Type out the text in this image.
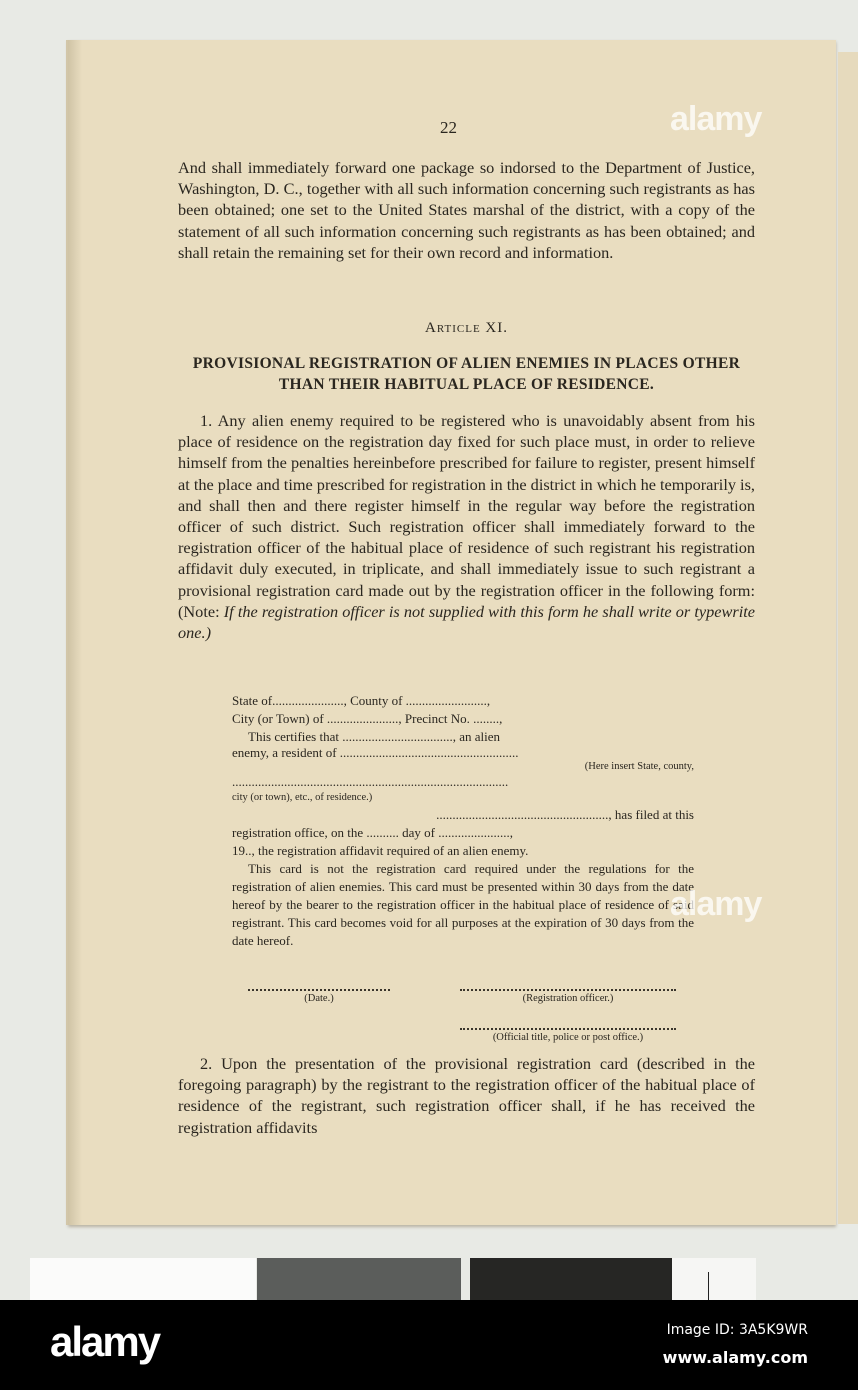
22

And shall immediately forward one package so indorsed to the Department of Justice, Washington, D. C., together with all such information concerning such registrants as has been obtained; one set to the United States marshal of the district, with a copy of the statement of all such information concerning such registrants as has been obtained; and shall retain the remaining set for their own record and information.

Article XI.
PROVISIONAL REGISTRATION OF ALIEN ENEMIES IN PLACES OTHER THAN THEIR HABITUAL PLACE OF RESIDENCE.

1. Any alien enemy required to be registered who is unavoidably absent from his place of residence on the registration day fixed for such place must, in order to relieve himself from the penalties hereinbefore prescribed for failure to register, present himself at the place and time prescribed for registration in the district in which he temporarily is, and shall then and there register himself in the regular way before the registration officer of such district. Such registration officer shall immediately forward to the registration officer of the habitual place of residence of such registrant his registration affidavit duly executed, in triplicate, and shall immediately issue to such registrant a provisional registration card made out by the registration officer in the following form: (Note: If the registration officer is not supplied with this form he shall write or typewrite one.)

State of......................, County of .........................,
City (or Town) of ......................, Precinct No. ........,
This certifies that .................................., an alien
enemy, a resident of .......................................................
(Here insert State, county,
.....................................................................................
city (or town), etc., of residence.)
....................................................., has filed at this
registration office, on the .......... day of ......................,
19.., the registration affidavit required of an alien enemy.
This card is not the registration card required under the regulations for the registration of alien enemies. This card must be presented within 30 days from the date hereof by the bearer to the registration officer in the habitual place of residence of said registrant. This card becomes void for all purposes at the expiration of 30 days from the date hereof.
(Date.)	(Registration officer.)
(Official title, police or post office.)

2. Upon the presentation of the provisional registration card (described in the foregoing paragraph) by the registrant to the registration officer of the habitual place of residence of the registrant, such registration officer shall, if he has received the registration affidavits

alamy
alamy
alamy	Image ID: 3A5K9WR
www.alamy.com
